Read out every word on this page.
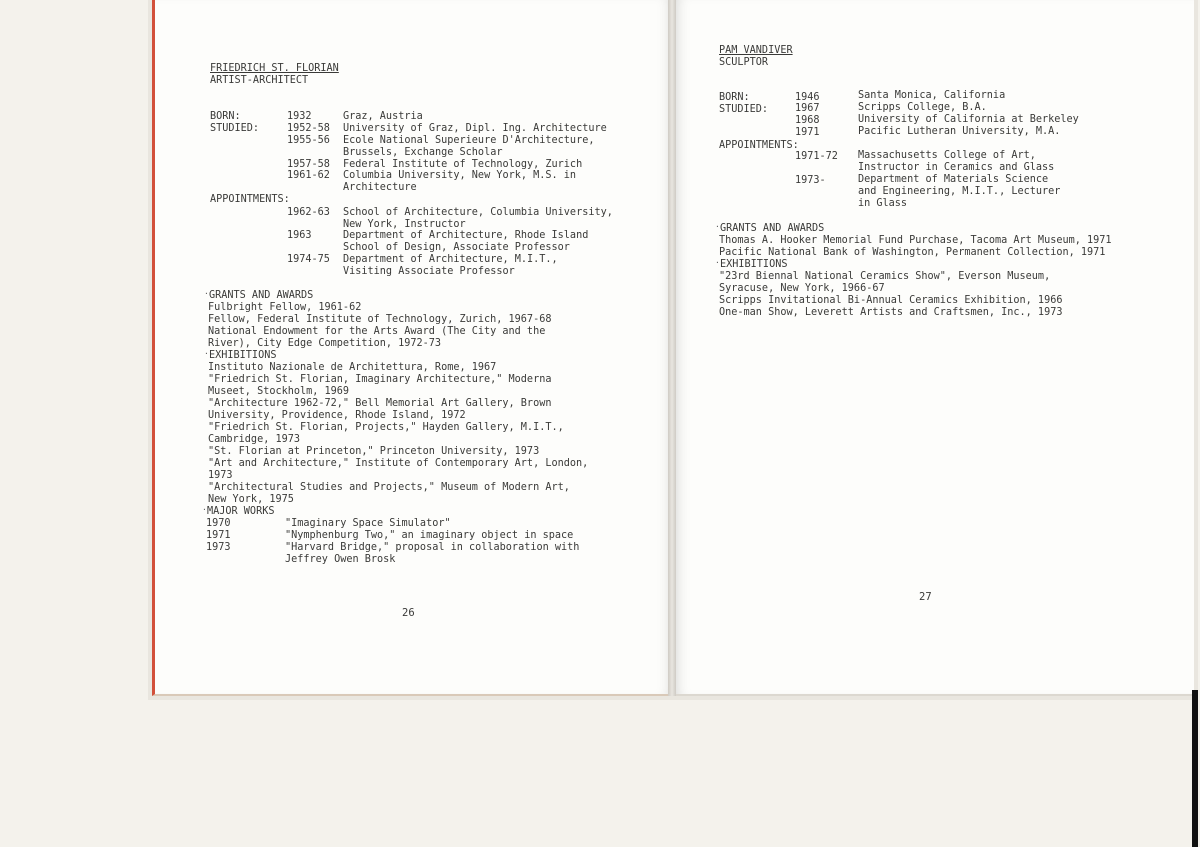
FRIEDRICH ST. FLORIAN
ARTIST-ARCHITECT
BORN:	1932	Graz, Austria
STUDIED:	1952-58 University of Graz, Dipl. Ing. Architecture
1955-56 Ecole National Superieure D'Architecture,
Brussels, Exchange Scholar
1957-58 Federal Institute of Technology, Zurich
1961-62 Columbia University, New York, M.S. in
Architecture
APPOINTMENTS:
1962-63 School of Architecture, Columbia University,
New York, Instructor
1963	Department of Architecture, Rhode Island
School of Design, Associate Professor
1974-75 Department of Architecture, M.I.T.,
Visiting Associate Professor
· GRANTS AND AWARDS
Fulbright Fellow, 1961-62
Fellow, Federal Institute of Technology, Zurich, 1967-68
National Endowment for the Arts Award (The City and the
River), City Edge Competition, 1972-73
· EXHIBITIONS
Instituto Nazionale de Architettura, Rome, 1967
"Friedrich St. Florian, Imaginary Architecture," Moderna
Museet, Stockholm, 1969
"Architecture 1962-72," Bell Memorial Art Gallery, Brown
University, Providence, Rhode Island, 1972
"Friedrich St. Florian, Projects," Hayden Gallery, M.I.T.,
Cambridge, 1973
"St. Florian at Princeton," Princeton University, 1973
"Art and Architecture," Institute of Contemporary Art, London,
1973
"Architectural Studies and Projects," Museum of Modern Art,
New York, 1975
· MAJOR WORKS
1970	"Imaginary Space Simulator"
1971	"Nymphenburg Two," an imaginary object in space
1973	"Harvard Bridge," proposal in collaboration with
Jeffrey Owen Brosk
26
PAM VANDIVER
SCULPTOR
BORN:	1946	Santa Monica, California
STUDIED:	1967	Scripps College, B.A.
1968	University of California at Berkeley
1971	Pacific Lutheran University, M.A.
APPOINTMENTS:
1971-72 Massachusetts College of Art,
Instructor in Ceramics and Glass
1973-	Department of Materials Science
and Engineering, M.I.T., Lecturer
in Glass
· GRANTS AND AWARDS
Thomas A. Hooker Memorial Fund Purchase, Tacoma Art Museum, 1971
Pacific National Bank of Washington, Permanent Collection, 1971
· EXHIBITIONS
"23rd Biennal National Ceramics Show", Everson Museum,
Syracuse, New York, 1966-67
Scripps Invitational Bi-Annual Ceramics Exhibition, 1966
One-man Show, Leverett Artists and Craftsmen, Inc., 1973
27
